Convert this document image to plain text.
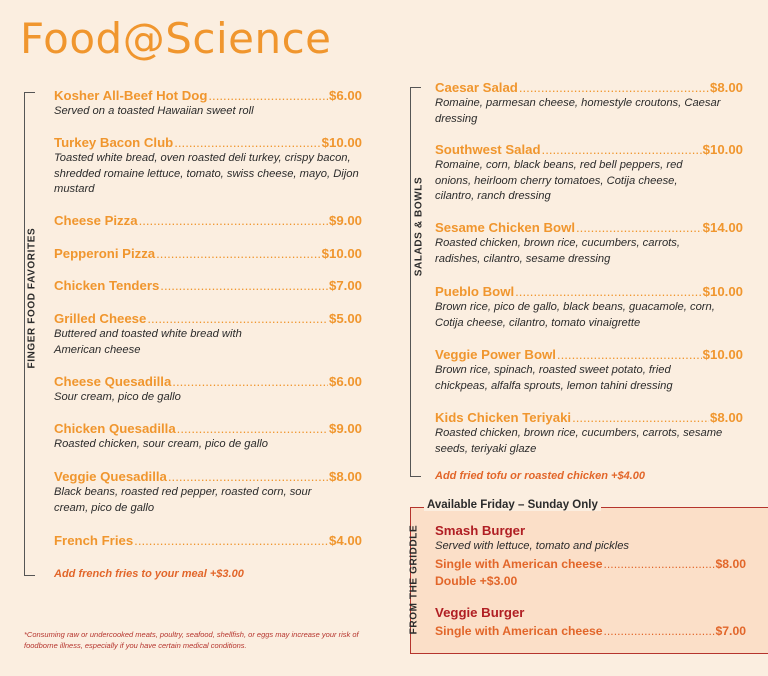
Food@Science
FINGER FOOD FAVORITES
Kosher All-Beef Hot Dog .....	$6.00
Served on a toasted Hawaiian sweet roll
Turkey Bacon Club .....	$10.00
Toasted white bread, oven roasted deli turkey, crispy bacon, shredded romaine lettuce, tomato, swiss cheese, mayo, Dijon mustard
Cheese Pizza .....	$9.00
Pepperoni Pizza .....	$10.00
Chicken Tenders .....	$7.00
Grilled Cheese .....	$5.00
Buttered and toasted white bread with American cheese
Cheese Quesadilla .....	$6.00
Sour cream, pico de gallo
Chicken Quesadilla .....	$9.00
Roasted chicken, sour cream, pico de gallo
Veggie Quesadilla .....	$8.00
Black beans, roasted red pepper, roasted corn, sour cream, pico de gallo
French Fries .....	$4.00
Add french fries to your meal +$3.00
SALADS & BOWLS
Caesar Salad .....	$8.00
Romaine, parmesan cheese, homestyle croutons, Caesar dressing
Southwest Salad .....	$10.00
Romaine, corn, black beans, red bell peppers, red onions, heirloom cherry tomatoes, Cotija cheese, cilantro, ranch dressing
Sesame Chicken Bowl .....	$14.00
Roasted chicken, brown rice, cucumbers, carrots, radishes, cilantro, sesame dressing
Pueblo Bowl .....	$10.00
Brown rice, pico de gallo, black beans, guacamole, corn, Cotija cheese, cilantro, tomato vinaigrette
Veggie Power Bowl .....	$10.00
Brown rice, spinach, roasted sweet potato, fried chickpeas, alfalfa sprouts, lemon tahini dressing
Kids Chicken Teriyaki .....	$8.00
Roasted chicken, brown rice, cucumbers, carrots, sesame seeds, teriyaki glaze
Add fried tofu or roasted chicken +$4.00
Available Friday – Sunday Only
FROM THE GRIDDLE Smash Burger
Served with lettuce, tomato and pickles
Single with American cheese .....	$8.00
Double +$3.00
Veggie Burger
Single with American cheese .....	$7.00
*Consuming raw or undercooked meats, poultry, seafood, shellfish, or eggs may increase your risk of foodborne illness, especially if you have certain medical conditions.
